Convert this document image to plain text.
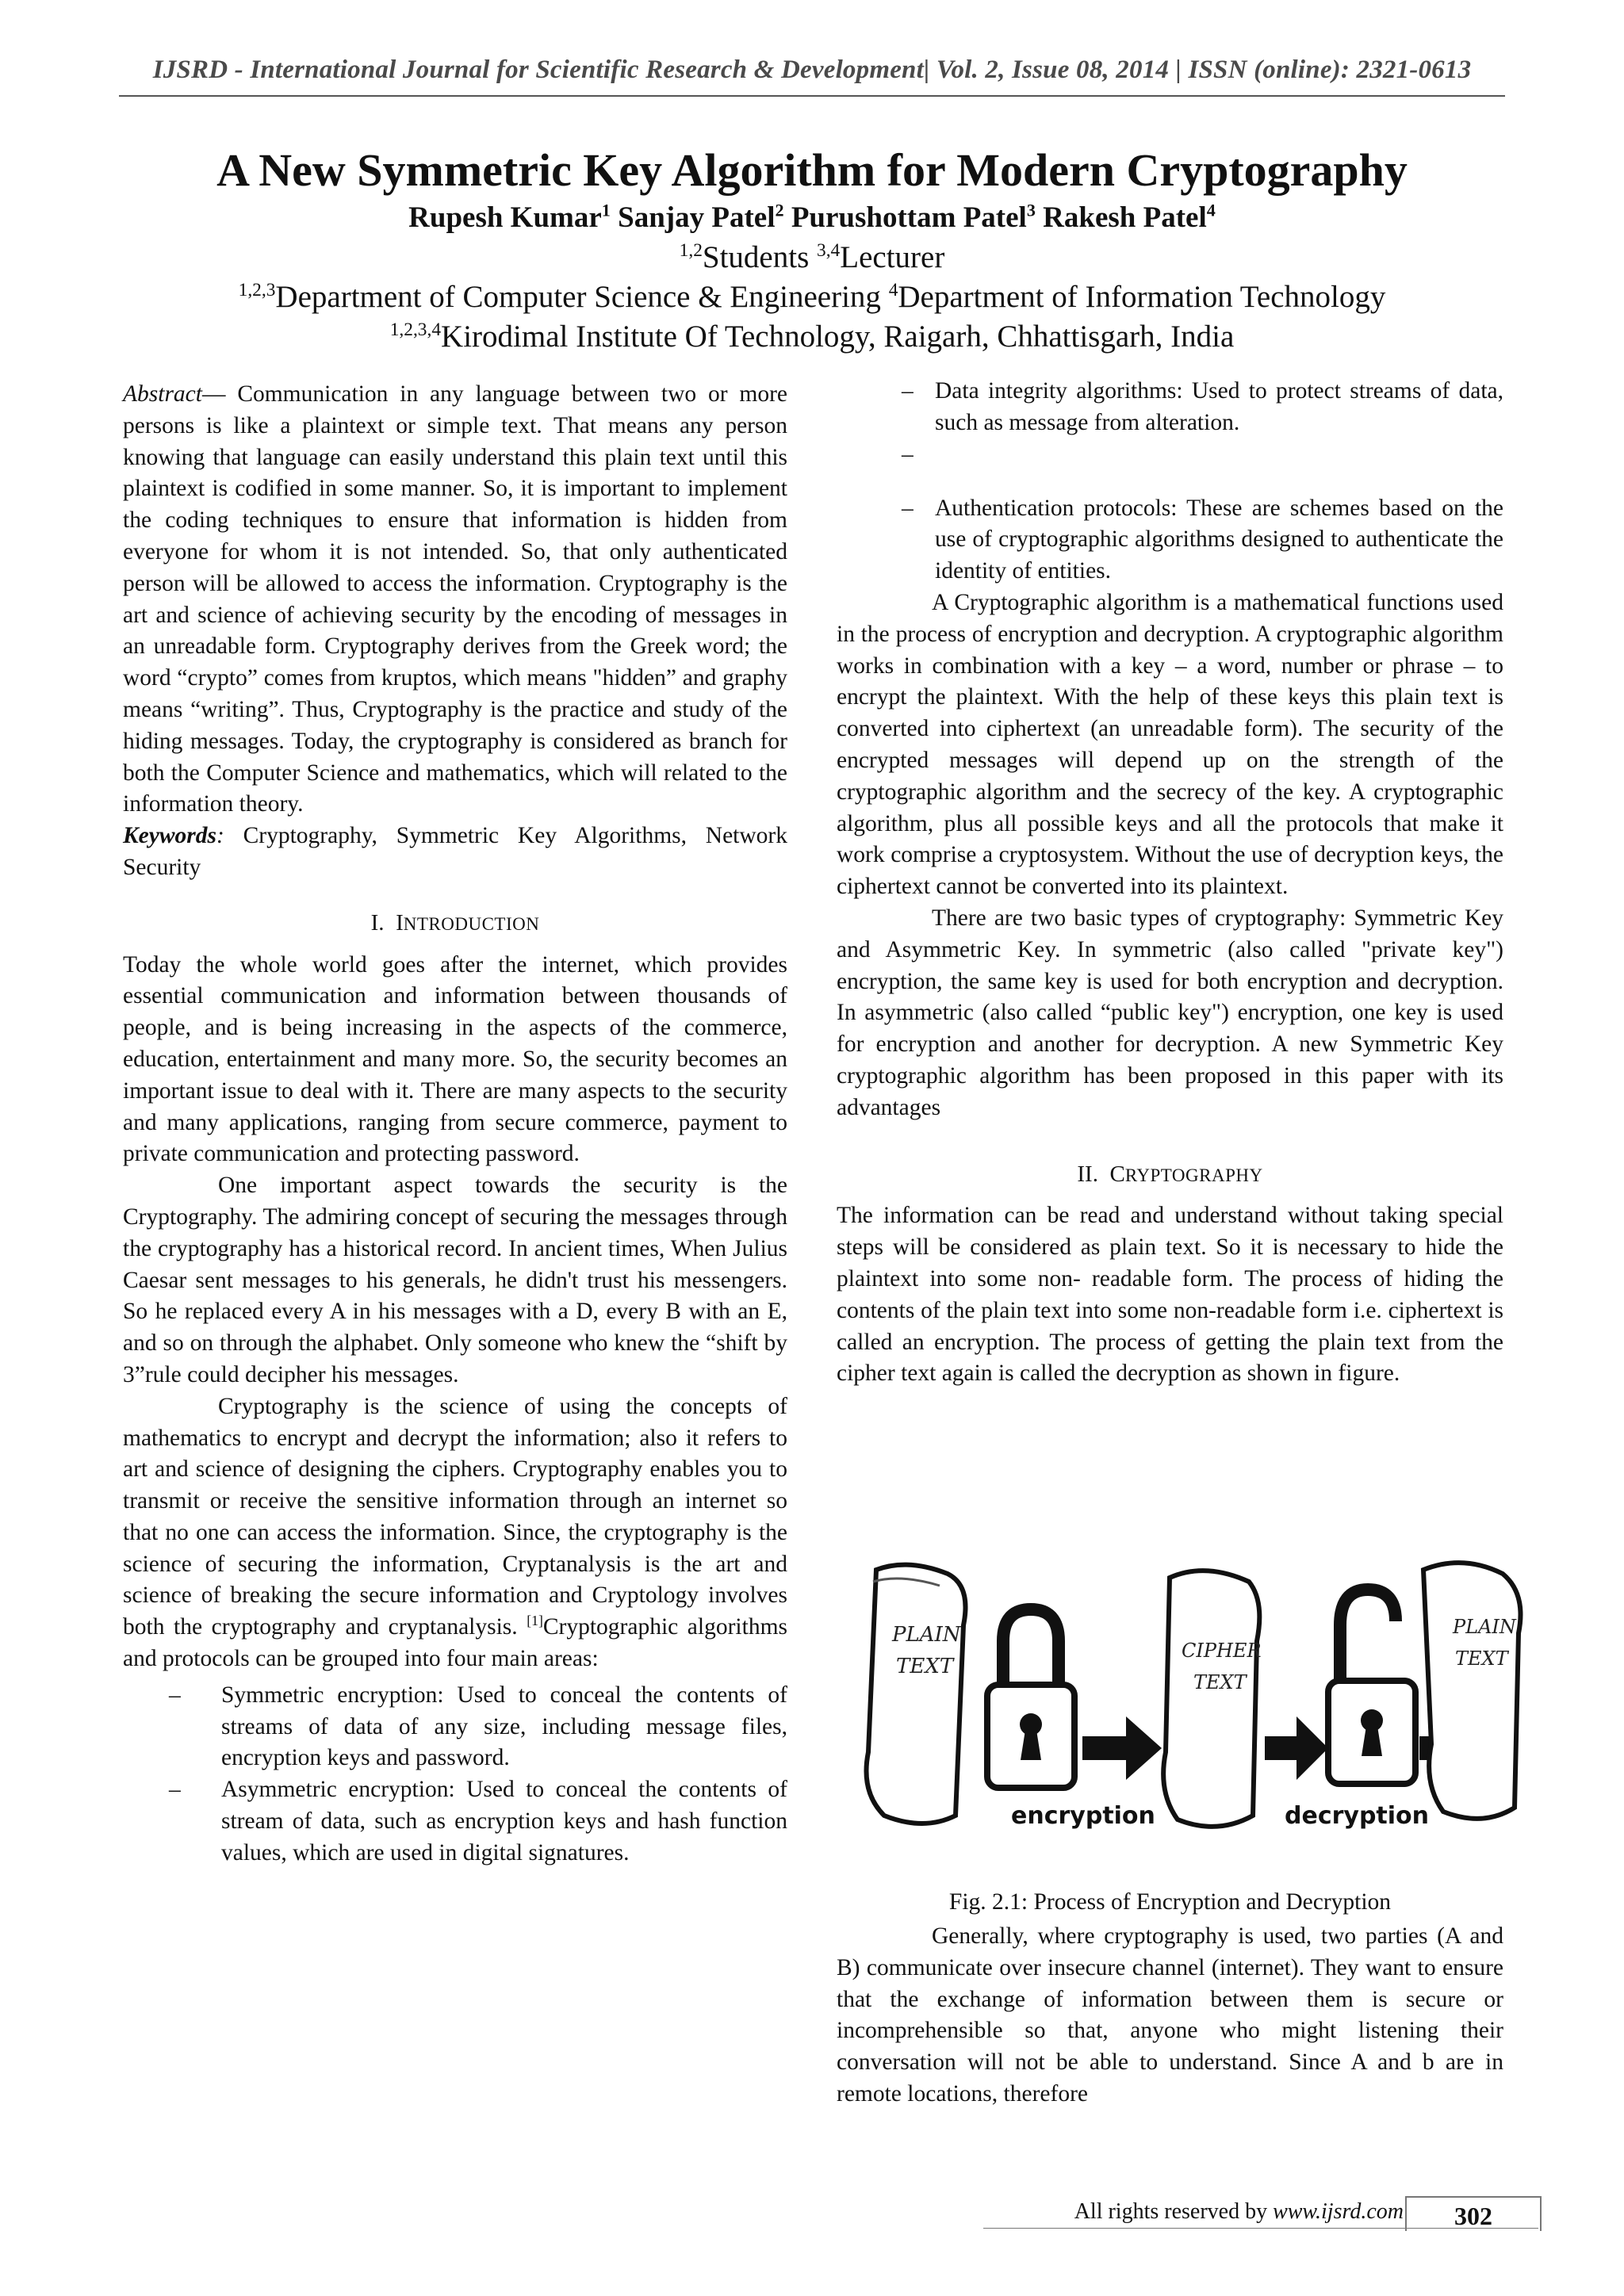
IJSRD - International Journal for Scientific Research & Development| Vol. 2, Issue 08, 2014 | ISSN (online): 2321-0613
A New Symmetric Key Algorithm for Modern Cryptography
Rupesh Kumar$^1$ Sanjay Patel$^2$ Purushottam Patel$^3$ Rakesh Patel$^4$
$^{1,2}$Students $^{3,4}$Lecturer
$^{1,2,3}$Department of Computer Science & Engineering $^4$Department of Information Technology
$^{1,2,3,4}$Kirodimal Institute Of Technology, Raigarh, Chhattisgarh, India

Abstract— Communication in any language between two or more persons is like a plaintext or simple text. That means any person knowing that language can easily understand this plain text until this plaintext is codified in some manner. So, it is important to implement the coding techniques to ensure that information is hidden from everyone for whom it is not intended. So, that only authenticated person will be allowed to access the information. Cryptography is the art and science of achieving security by the encoding of messages in an unreadable form. Cryptography derives from the Greek word; the word “crypto” comes from kruptos, which means "hidden” and graphy means “writing”. Thus, Cryptography is the practice and study of the hiding messages. Today, the cryptography is considered as branch for both the Computer Science and mathematics, which will related to the information theory.

Keywords: Cryptography, Symmetric Key Algorithms, Network Security

I. INTRODUCTION

Today the whole world goes after the internet, which provides essential communication and information between thousands of people, and is being increasing in the aspects of the commerce, education, entertainment and many more. So, the security becomes an important issue to deal with it. There are many aspects to the security and many applications, ranging from secure commerce, payment to private communication and protecting password.

One important aspect towards the security is the Cryptography. The admiring concept of securing the messages through the cryptography has a historical record. In ancient times, When Julius Caesar sent messages to his generals, he didn't trust his messengers. So he replaced every A in his messages with a D, every B with an E, and so on through the alphabet. Only someone who knew the “shift by 3”rule could decipher his messages.

Cryptography is the science of using the concepts of mathematics to encrypt and decrypt the information; also it refers to art and science of designing the ciphers. Cryptography enables you to transmit or receive the sensitive information through an internet so that no one can access the information. Since, the cryptography is the science of securing the information, Cryptanalysis is the art and science of breaking the secure information and Cryptology involves both the cryptography and cryptanalysis. [1]Cryptographic algorithms and protocols can be grouped into four main areas:

– Symmetric encryption: Used to conceal the contents of streams of data of any size, including message files, encryption keys and password.
– Asymmetric encryption: Used to conceal the contents of stream of data, such as encryption keys and hash function values, which are used in digital signatures.
– Data integrity algorithms: Used to protect streams of data, such as message from alteration.
–
– Authentication protocols: These are schemes based on the use of cryptographic algorithms designed to authenticate the identity of entities.

A Cryptographic algorithm is a mathematical functions used in the process of encryption and decryption. A cryptographic algorithm works in combination with a key – a word, number or phrase – to encrypt the plaintext. With the help of these keys this plain text is converted into ciphertext (an unreadable form). The security of the encrypted messages will depend up on the strength of the cryptographic algorithm and the secrecy of the key. A cryptographic algorithm, plus all possible keys and all the protocols that make it work comprise a cryptosystem. Without the use of decryption keys, the ciphertext cannot be converted into its plaintext.

There are two basic types of cryptography: Symmetric Key and Asymmetric Key. In symmetric (also called "private key") encryption, the same key is used for both encryption and decryption. In asymmetric (also called “public key") encryption, one key is used for encryption and another for decryption. A new Symmetric Key cryptographic algorithm has been proposed in this paper with its advantages

II. CRYPTOGRAPHY

The information can be read and understand without taking special steps will be considered as plain text. So it is necessary to hide the plaintext into some non- readable form. The process of hiding the contents of the plain text into some non-readable form i.e. ciphertext is called an encryption. The process of getting the plain text from the cipher text again is called the decryption as shown in figure.

PLAIN
TEXT
CIPHER
TEXT
PLAIN
TEXT
encryption	decryption
Fig. 2.1: Process of Encryption and Decryption

Generally, where cryptography is used, two parties (A and B) communicate over insecure channel (internet). They want to ensure that the exchange of information between them is secure or incomprehensible so that, anyone who might listening their conversation will not be able to understand. Since A and b are in remote locations, therefore

All rights reserved by www.ijsrd.com	302
